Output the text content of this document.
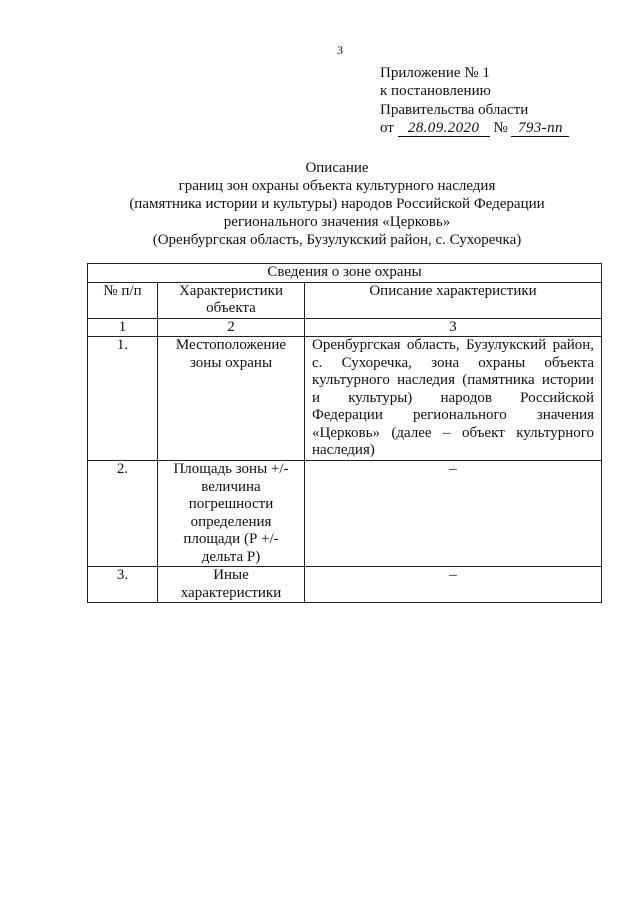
3
Приложение № 1
к постановлению
Правительства области
от 28.09.2020 № 793-пп
Описание
границ зон охраны объекта культурного наследия
(памятника истории и культуры) народов Российской Федерации
регионального значения «Церковь»
(Оренбургская область, Бузулукский район, с. Сухоречка)
Сведения о зоне охраны		
№ п/п	Характеристики объекта	Описание характеристики
1	2	3
1.	Местоположение зоны охраны	Оренбургская область, Бузулукский район, с. Сухоречка, зона охраны объекта культурного наследия (памятника истории и культуры) народов Российской Федерации регионального значения «Церковь» (далее – объект культурного наследия)
2.	Площадь зоны +/- величина погрешности определения площади (Р +/- дельта Р)	–
3.	Иные характеристики	–
